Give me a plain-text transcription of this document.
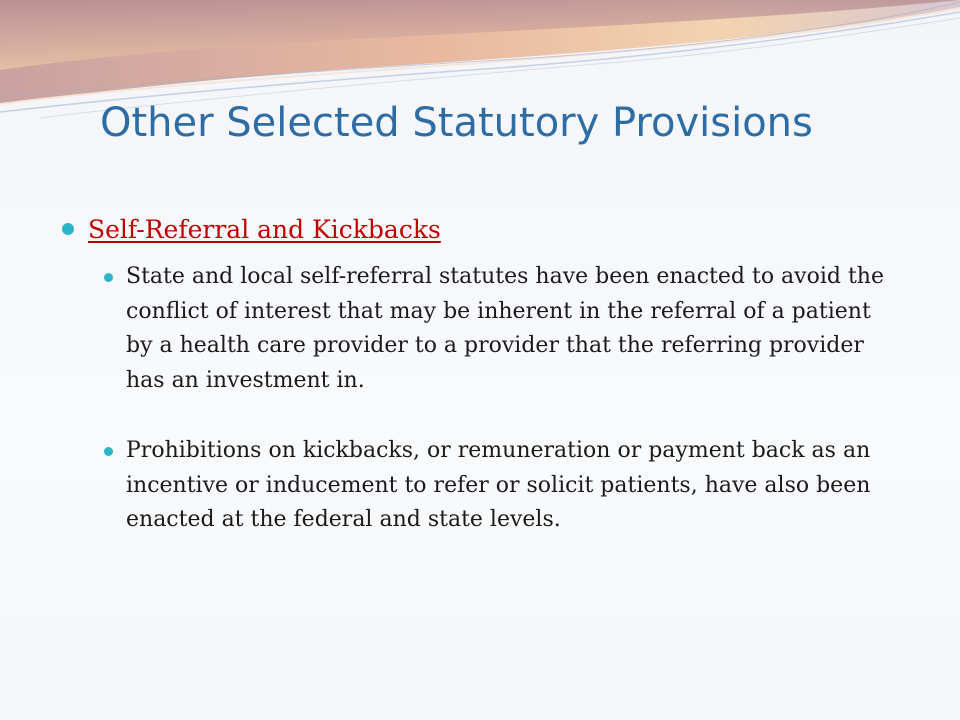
Other Selected Statutory Provisions
Self-Referral and Kickbacks
State and local self-referral statutes have been enacted to avoid the conflict of interest that may be inherent in the referral of a patient by a health care provider to a provider that the referring provider has an investment in.
Prohibitions on kickbacks, or remuneration or payment back as an incentive or inducement to refer or solicit patients, have also been enacted at the federal and state levels.
